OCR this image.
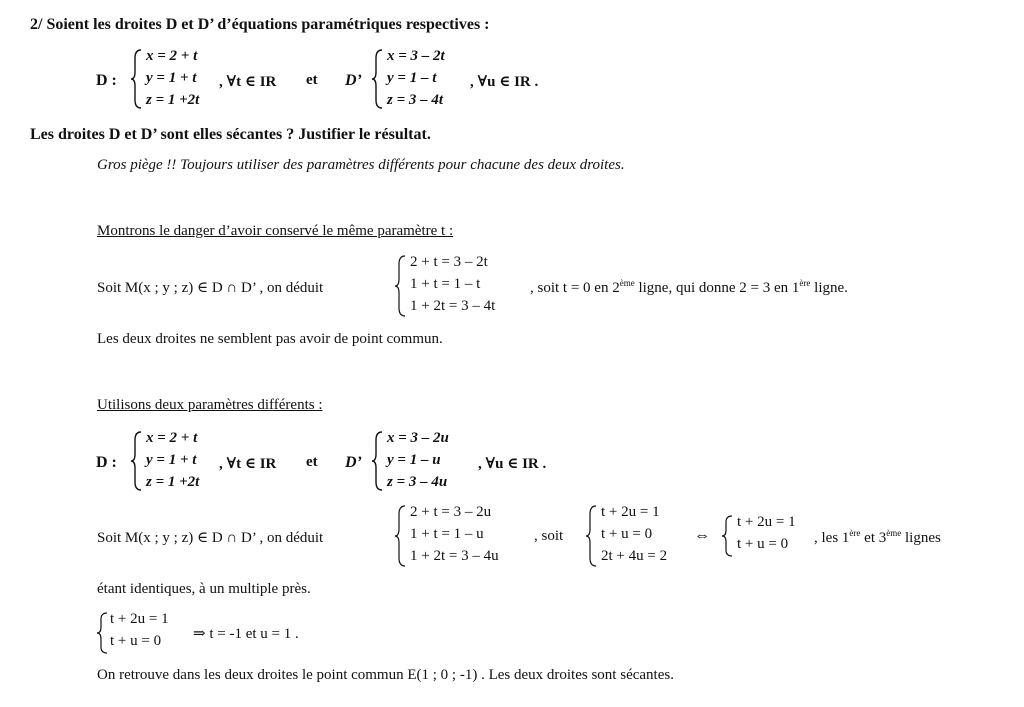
2/ Soient les droites D et D’ d’équations paramétriques respectives :
D :
x = 2 + t
y = 1 + t
z = 1 +2t
, ∀t ∈ IR et D’
x = 3 – 2t
y = 1 – t
z = 3 – 4t
, ∀u ∈ IR .
Les droites D et D’ sont elles sécantes ? Justifier le résultat.
Gros piège !! Toujours utiliser des paramètres différents pour chacune des deux droites.
Montrons le danger d’avoir conservé le même paramètre t :
Soit M(x ; y ; z) ∈ D ∩ D’ , on déduit
2 + t = 3 – 2t
1 + t = 1 – t
1 + 2t = 3 – 4t
, soit t = 0 en 2ème ligne, qui donne 2 = 3 en 1ère ligne.
Les deux droites ne semblent pas avoir de point commun.
Utilisons deux paramètres différents :
D :
x = 2 + t
y = 1 + t
z = 1 +2t
, ∀t ∈ IR et D’
x = 3 – 2u
y = 1 – u
z = 3 – 4u
, ∀u ∈ IR .
Soit M(x ; y ; z) ∈ D ∩ D’ , on déduit
2 + t = 3 – 2u
1 + t = 1 – u
1 + 2t = 3 – 4u
, soit
t + 2u = 1
t + u = 0
2t + 4u = 2
⇔
t + 2u = 1
t + u = 0 , les 1ère et 3ème lignes
étant identiques, à un multiple près.
t + 2u = 1
t + u = 0 ⇒ t = -1 et u = 1 .
On retrouve dans les deux droites le point commun E(1 ; 0 ; -1) . Les deux droites sont sécantes.
